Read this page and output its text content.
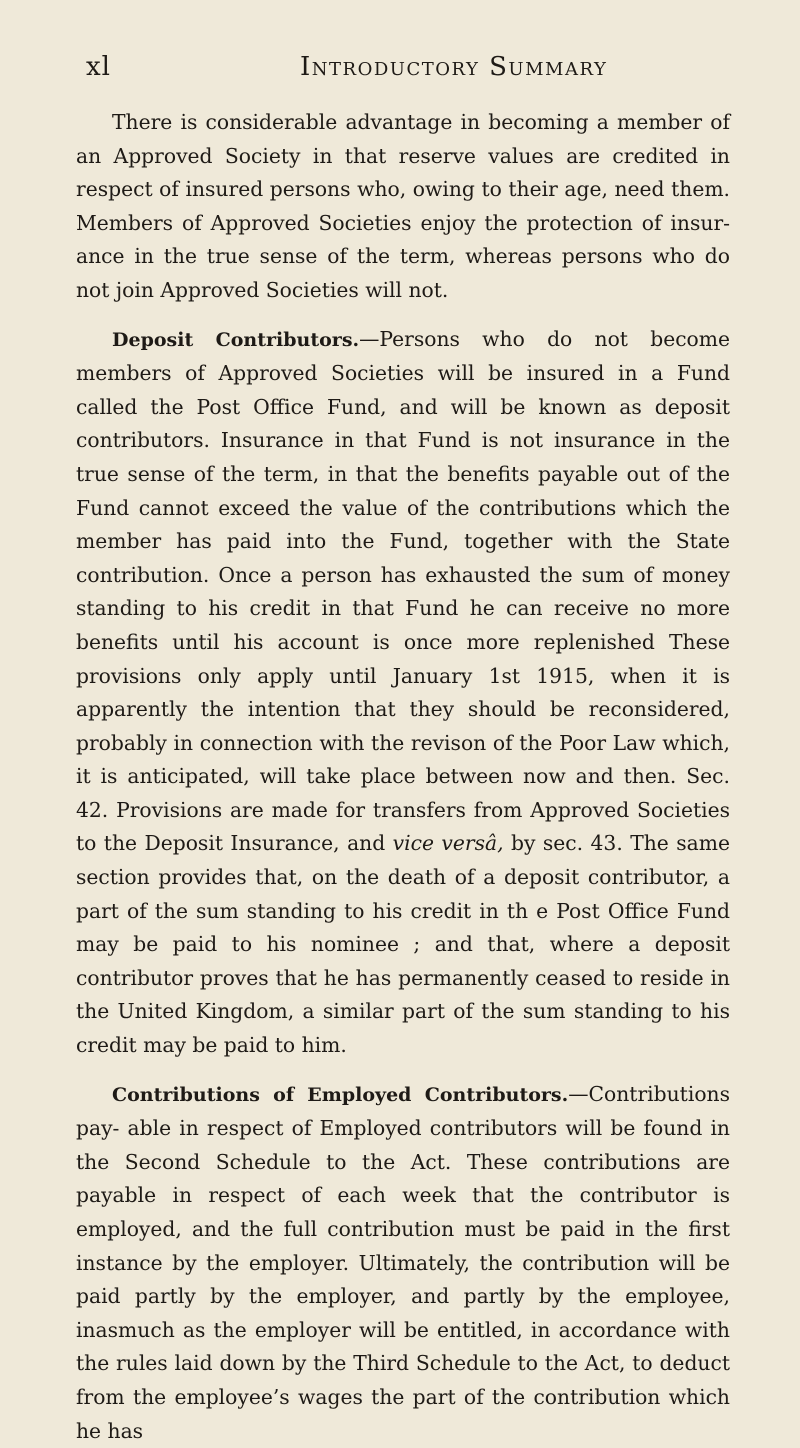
xl	Introductory Summary

There is considerable advantage in becoming a member of an Approved Society in that reserve values are credited in respect of insured persons who, owing to their age, need them. Members of Approved Societies enjoy the protection of insur- ance in the true sense of the term, whereas persons who do not join Approved Societies will not.

Deposit Contributors.—Persons who do not become members of Approved Societies will be insured in a Fund called the Post Office Fund, and will be known as deposit contributors. Insurance in that Fund is not insurance in the true sense of the term, in that the benefits payable out of the Fund cannot exceed the value of the contributions which the member has paid into the Fund, together with the State contribution. Once a person has exhausted the sum of money standing to his credit in that Fund he can receive no more benefits until his account is once more replenished These provisions only apply until January 1st 1915, when it is apparently the intention that they should be reconsidered, probably in connection with the revison of the Poor Law which, it is anticipated, will take place between now and then. Sec. 42. Provisions are made for transfers from Approved Societies to the Deposit Insurance, and vice versâ, by sec. 43. The same section provides that, on the death of a deposit contributor, a part of the sum standing to his credit in th e Post Office Fund may be paid to his nominee ; and that, where a deposit contributor proves that he has permanently ceased to reside in the United Kingdom, a similar part of the sum standing to his credit may be paid to him.

Contributions of Employed Contributors.—Contributions pay- able in respect of Employed contributors will be found in the Second Schedule to the Act. These contributions are payable in respect of each week that the contributor is employed, and the full contribution must be paid in the first instance by the employer. Ultimately, the contribution will be paid partly by the employer, and partly by the employee, inasmuch as the employer will be entitled, in accordance with the rules laid down by the Third Schedule to the Act, to deduct from the employee’s wages the part of the contribution which he has
